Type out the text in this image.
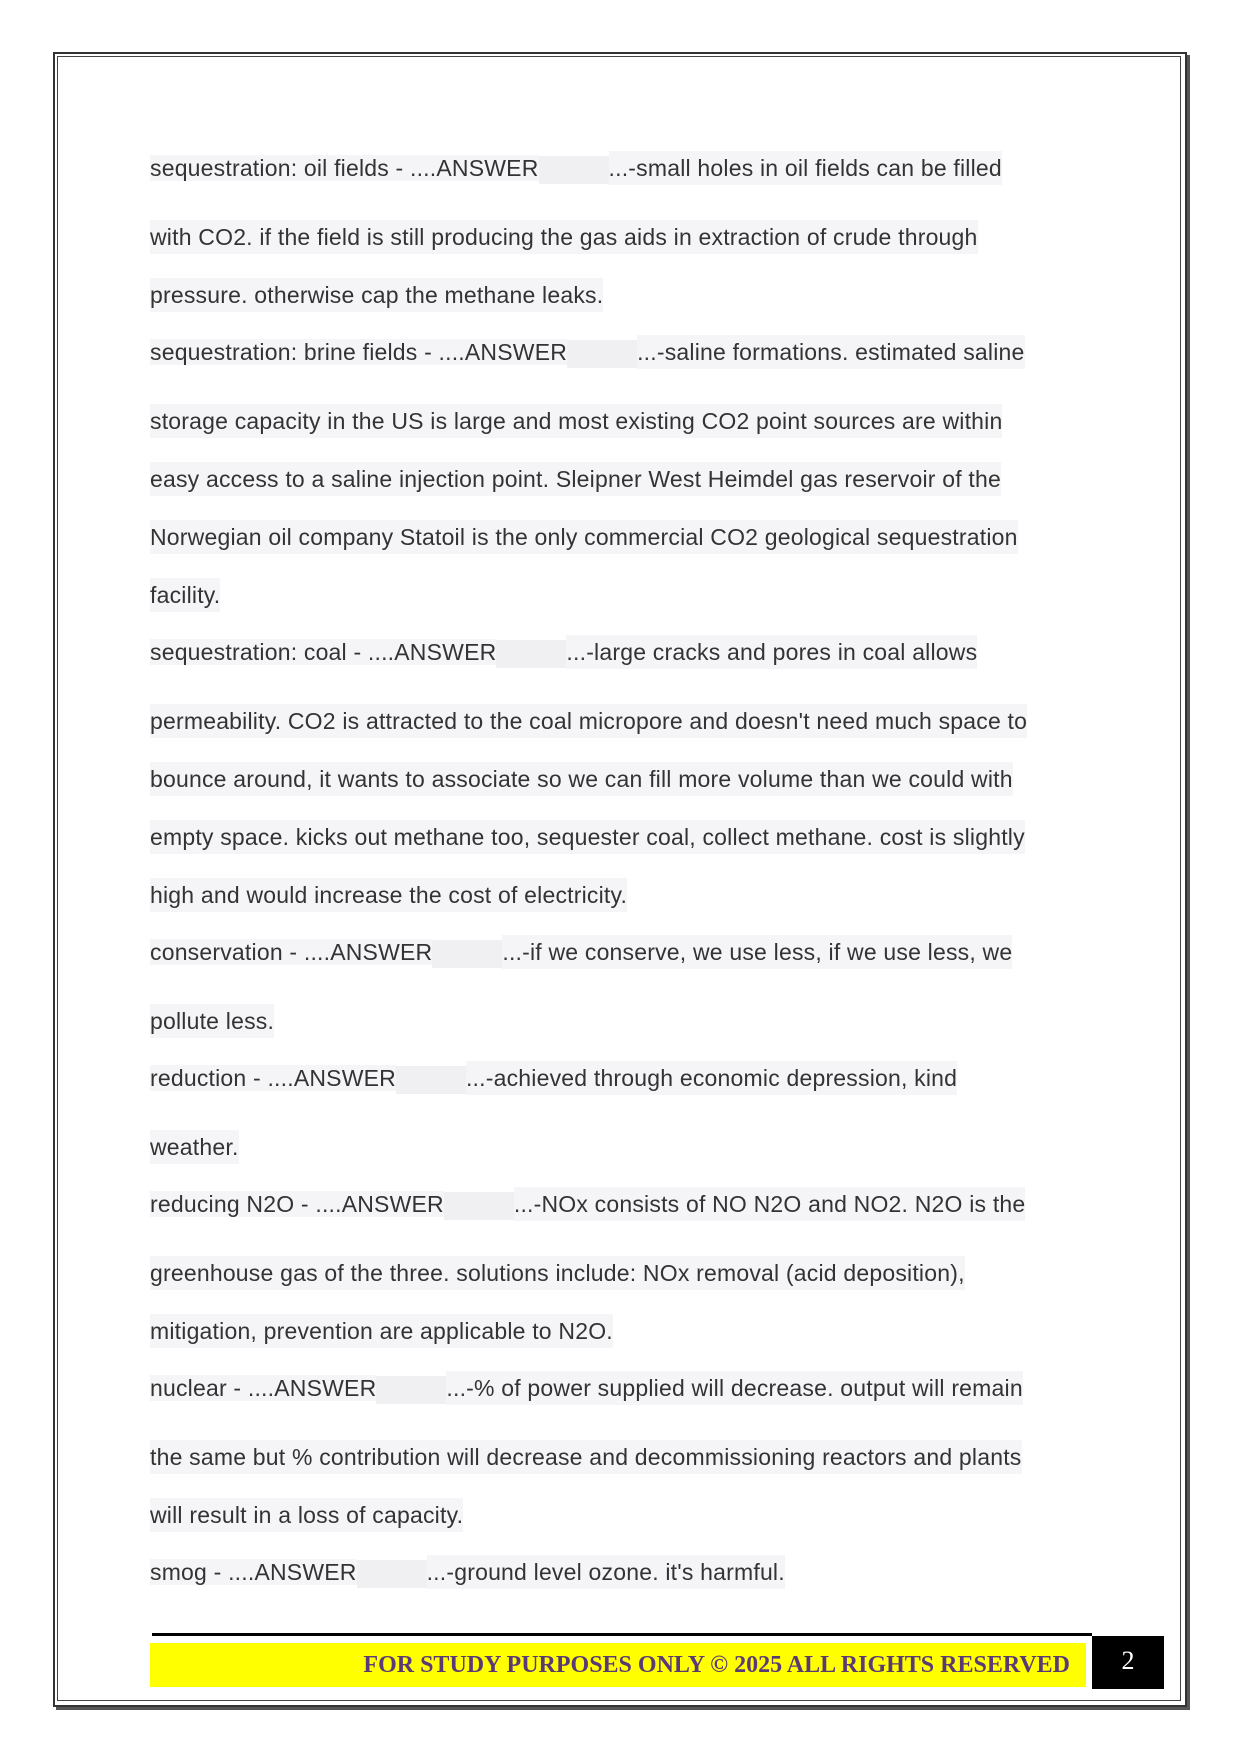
sequestration: oil fields - ....ANSWER	...-small holes in oil fields can be filled
with CO2. if the field is still producing the gas aids in extraction of crude through
pressure. otherwise cap the methane leaks.
sequestration: brine fields - ....ANSWER	...-saline formations. estimated saline
storage capacity in the US is large and most existing CO2 point sources are within
easy access to a saline injection point. Sleipner West Heimdel gas reservoir of the
Norwegian oil company Statoil is the only commercial CO2 geological sequestration
facility.
sequestration: coal - ....ANSWER	...-large cracks and pores in coal allows
permeability. CO2 is attracted to the coal micropore and doesn't need much space to
bounce around, it wants to associate so we can fill more volume than we could with
empty space. kicks out methane too, sequester coal, collect methane. cost is slightly
high and would increase the cost of electricity.
conservation - ....ANSWER	...-if we conserve, we use less, if we use less, we
pollute less.
reduction - ....ANSWER	...-achieved through economic depression, kind
weather.
reducing N2O - ....ANSWER	...-NOx consists of NO N2O and NO2. N2O is the
greenhouse gas of the three. solutions include: NOx removal (acid deposition),
mitigation, prevention are applicable to N2O.
nuclear - ....ANSWER	...-% of power supplied will decrease. output will remain
the same but % contribution will decrease and decommissioning reactors and plants
will result in a loss of capacity.
smog - ....ANSWER	...-ground level ozone. it's harmful.
FOR STUDY PURPOSES ONLY © 2025 ALL RIGHTS RESERVED	2
